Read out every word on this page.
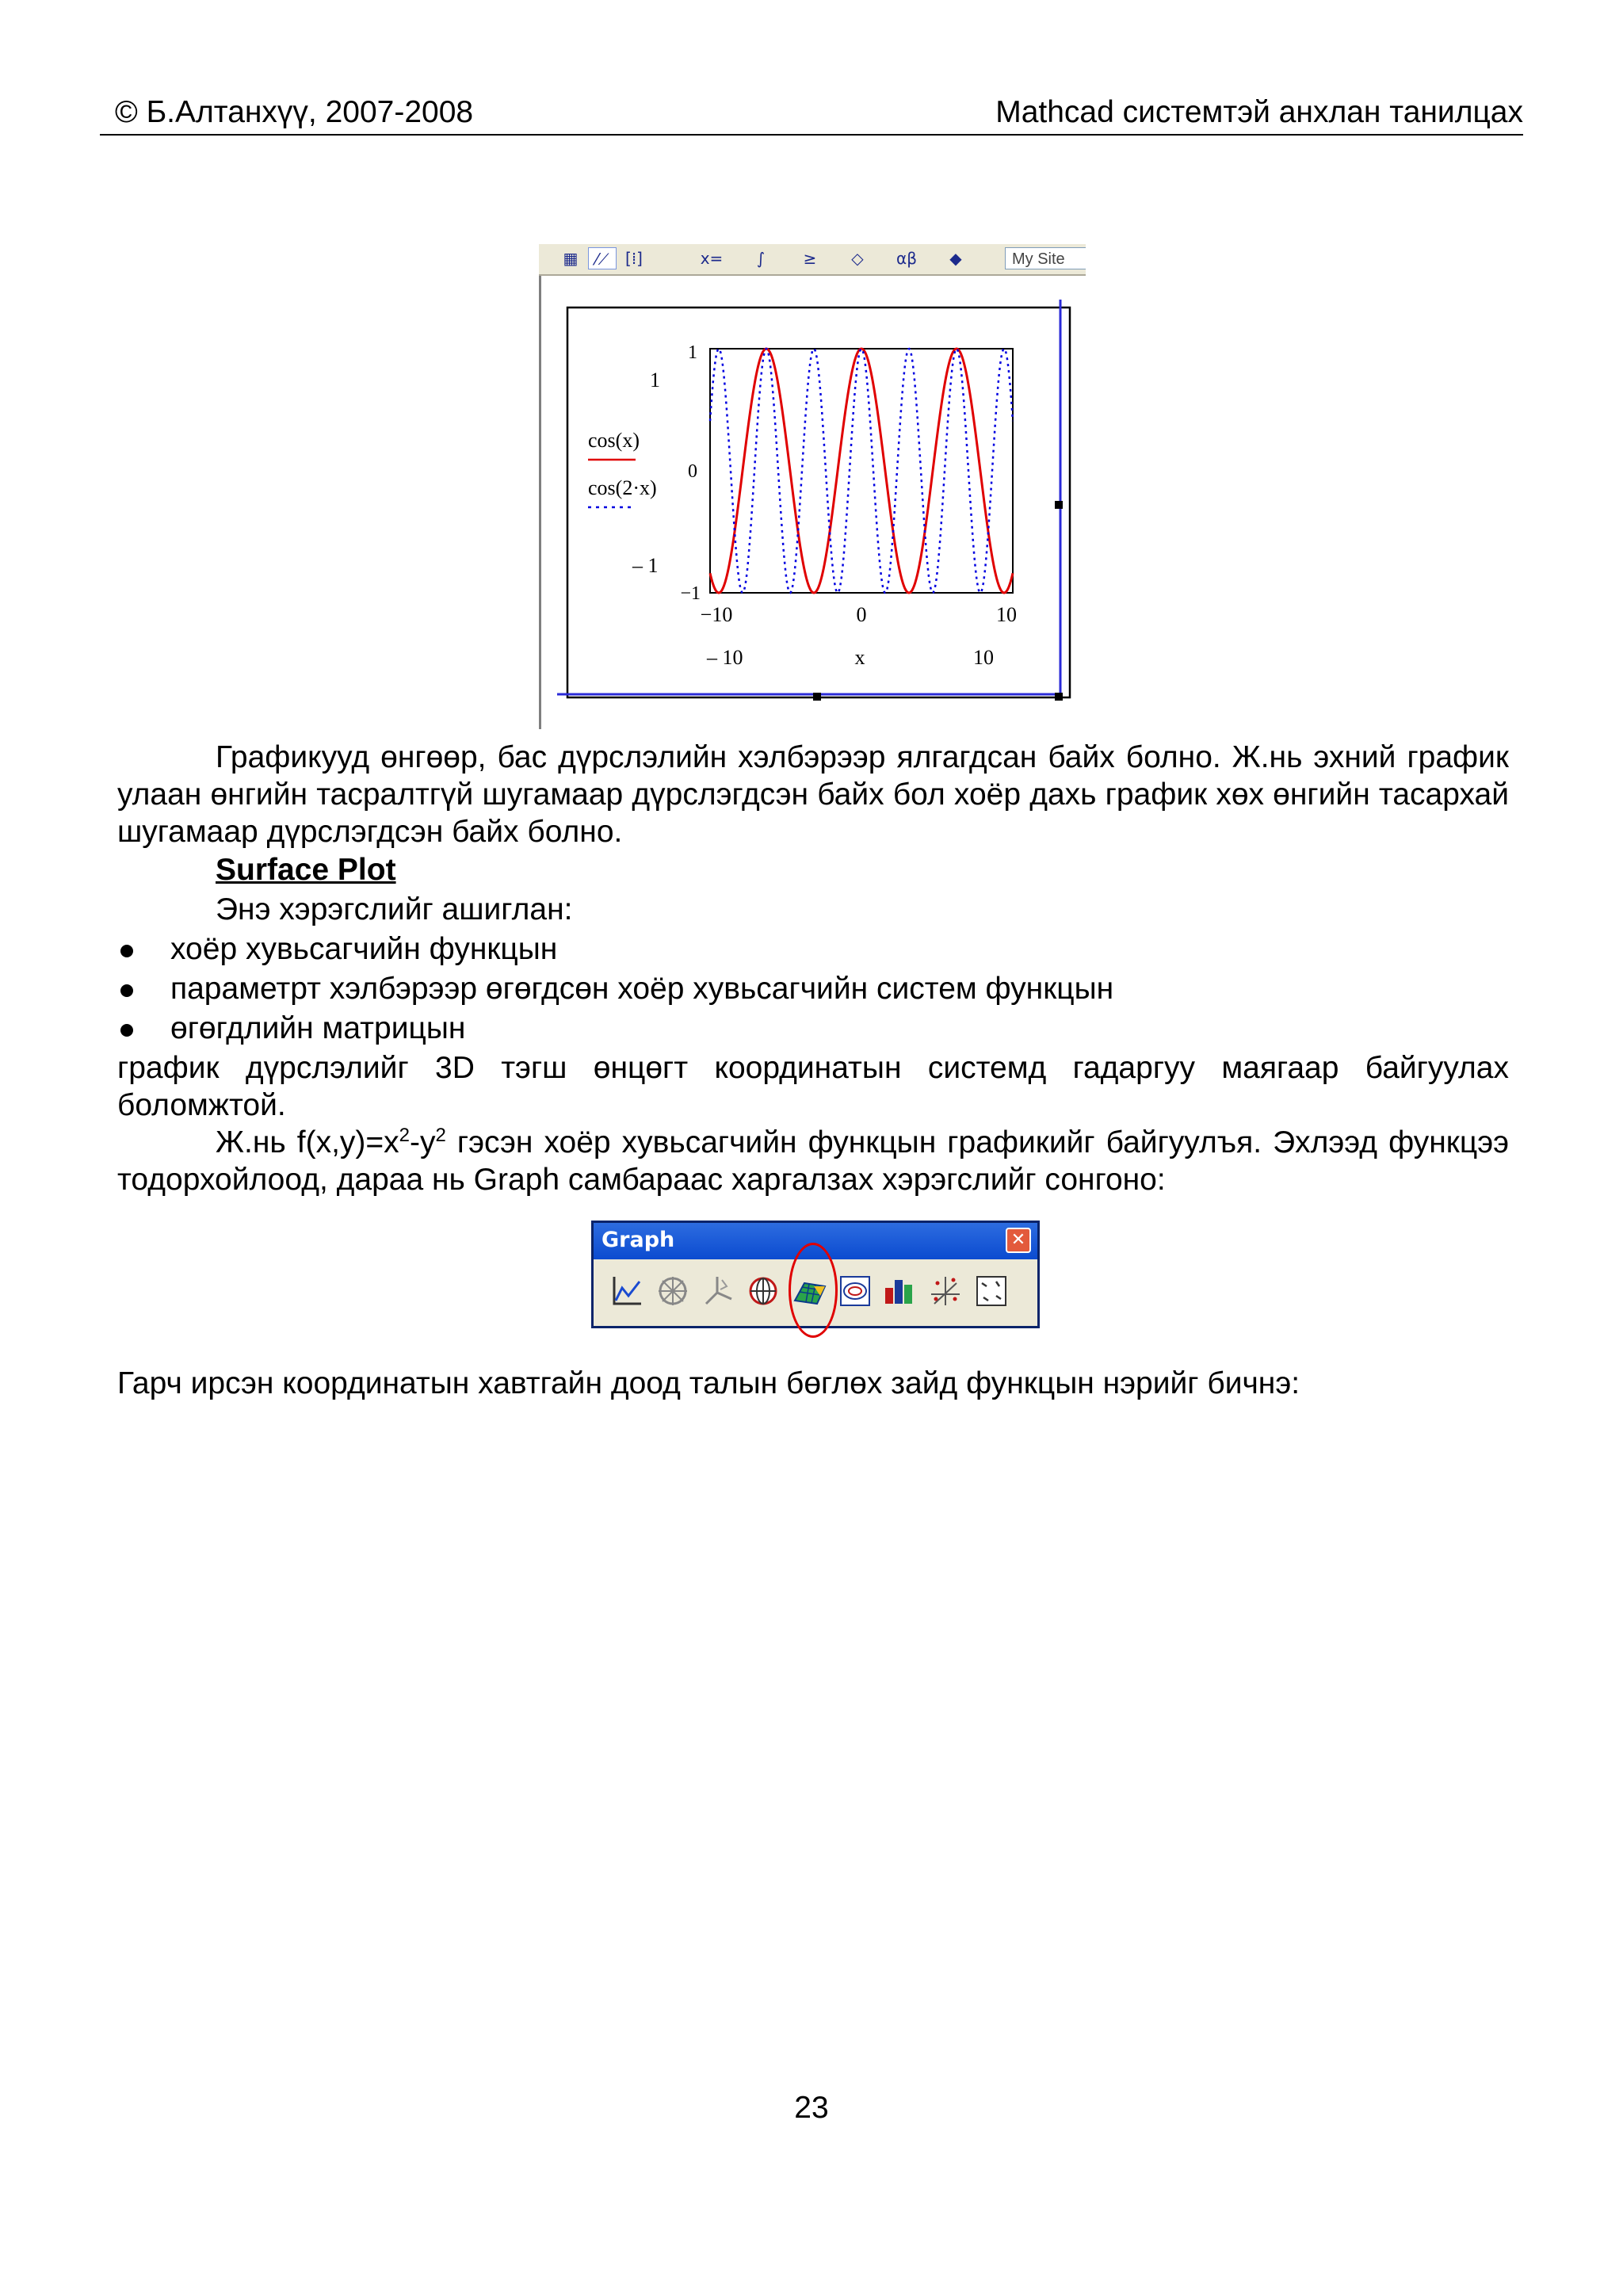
© Б.Алтанхүү, 2007-2008	Mathcad системтэй анхлан танилцах
▦	⁄⟋	[⁞]	x=	∫	≥	◇	αβ	◆	My Site
1
0
−1
−10	0	10
1
– 1
– 10	10
x
cos(x)
cos(2·x)
Графикууд өнгөөр, бас дүрслэлийн хэлбэрээр ялгагдсан байх болно. Ж.нь эхний график улаан өнгийн тасралтгүй шугамаар дүрслэгдсэн байх бол хоёр дахь график хөх өнгийн тасархай шугамаар дүрслэгдсэн байх болно.
Surface Plot
Энэ хэрэгслийг ашиглан:
хоёр хувьсагчийн функцын
параметрт хэлбэрээр өгөгдсөн хоёр хувьсагчийн систем функцын
өгөгдлийн матрицын
график дүрслэлийг 3D тэгш өнцөгт координатын системд гадаргуу маягаар байгуулах боломжтой.
Ж.нь $f(x,y)=x^2-y^2$ гэсэн хоёр хувьсагчийн функцын графикийг байгуулъя. Эхлээд функцээ тодорхойлоод, дараа нь Graph самбараас харгалзах хэрэгслийг сонгоно:
Graph	✕
Гарч ирсэн координатын хавтгайн доод талын бөглөх зайд функцын нэрийг бичнэ:
23
